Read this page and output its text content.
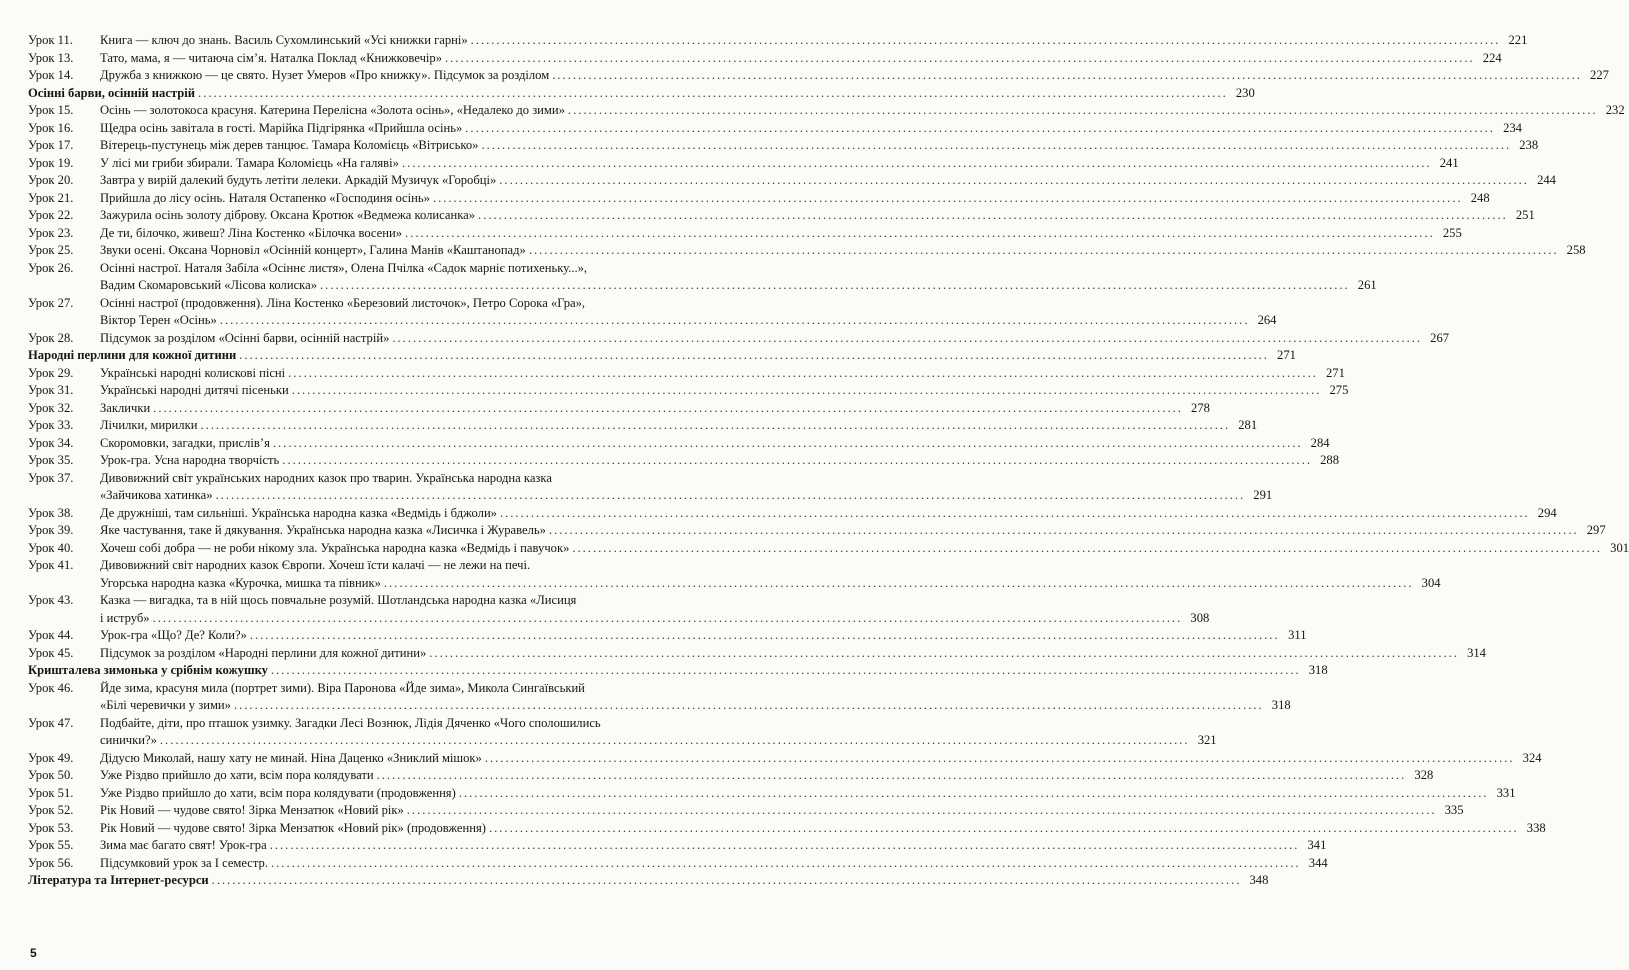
Урок 11.	Книга — ключ до знань. Василь Сухомлинський «Усі книжки гарні» ........................................................................................................................................................................................................ 221
Урок 13.	Тато, мама, я — читаюча сім’я. Наталка Поклад «Книжковечір» ........................................................................................................................................................................................................ 224
Урок 14.	Дружба з книжкою — це свято. Нузет Умеров «Про книжку». Підсумок за розділом ........................................................................................................................................................................................................ 227
Осінні барви, осінній настрій ........................................................................................................................................................................................................ 230
Урок 15.	Осінь — золотокоса красуня. Катерина Перелісна «Золота осінь», «Недалеко до зими» ........................................................................................................................................................................................................ 232
Урок 16.	Щедра осінь завітала в гості. Марійка Підгірянка «Прийшла осінь» ........................................................................................................................................................................................................ 234
Урок 17.	Вітерець-пустунець між дерев танцює. Тамара Коломієць «Вітрисько» ........................................................................................................................................................................................................ 238
Урок 19.	У лісі ми гриби збирали. Тамара Коломієць «На галяві» ........................................................................................................................................................................................................ 241
Урок 20.	Завтра у вирій далекий будуть летіти лелеки. Аркадій Музичук «Горобці» ........................................................................................................................................................................................................ 244
Урок 21.	Прийшла до лісу осінь. Наталя Остапенко «Господиня осінь» ........................................................................................................................................................................................................ 248
Урок 22.	Зажурила осінь золоту діброву. Оксана Кротюк «Ведмежа колисанка» ........................................................................................................................................................................................................ 251
Урок 23.	Де ти, білочко, живеш? Ліна Костенко «Білочка восени» ........................................................................................................................................................................................................ 255
Урок 25.	Звуки осені. Оксана Чорновіл «Осінній концерт», Галина Манів «Каштанопад» ........................................................................................................................................................................................................ 258
Урок 26.	Осінні настрої. Наталя Забіла «Осіннє листя», Олена Пчілка «Садок марніє потихеньку...»,
Вадим Скомаровський «Лісова колиска» ........................................................................................................................................................................................................ 261
Урок 27.	Осінні настрої (продовження). Ліна Костенко «Березовий листочок», Петро Сорока «Гра»,
Віктор Терен «Осінь» ........................................................................................................................................................................................................ 264
Урок 28.	Підсумок за розділом «Осінні барви, осінній настрій» ........................................................................................................................................................................................................ 267
Народні перлини для кожної дитини ........................................................................................................................................................................................................ 271
Урок 29.	Українські народні колискові пісні ........................................................................................................................................................................................................ 271
Урок 31.	Українські народні дитячі пісеньки ........................................................................................................................................................................................................ 275
Урок 32.	Заклички ........................................................................................................................................................................................................ 278
Урок 33.	Лічилки, мирилки ........................................................................................................................................................................................................ 281
Урок 34.	Скоромовки, загадки, прислів’я ........................................................................................................................................................................................................ 284
Урок 35.	Урок-гра. Усна народна творчість ........................................................................................................................................................................................................ 288
Урок 37.	Дивовижний світ українських народних казок про тварин. Українська народна казка
«Зайчикова хатинка» ........................................................................................................................................................................................................ 291
Урок 38.	Де дружніші, там сильніші. Українська народна казка «Ведмідь і бджоли» ........................................................................................................................................................................................................ 294
Урок 39.	Яке частування, таке й дякування. Українська народна казка «Лисичка і Журавель» ........................................................................................................................................................................................................ 297
Урок 40.	Хочеш собі добра — не роби нікому зла. Українська народна казка «Ведмідь і павучок» ........................................................................................................................................................................................................ 301
Урок 41.	Дивовижний світ народних казок Європи. Хочеш їсти калачі — не лежи на печі.
Угорська народна казка «Курочка, мишка та півник» ........................................................................................................................................................................................................ 304
Урок 43.	Казка — вигадка, та в ній щось повчальне розумій. Шотландська народна казка «Лисиця
і иструб» ........................................................................................................................................................................................................ 308
Урок 44.	Урок-гра «Що? Де? Коли?» ........................................................................................................................................................................................................ 311
Урок 45.	Підсумок за розділом «Народні перлини для кожної дитини» ........................................................................................................................................................................................................ 314
Кришталева зимонька у срібнім кожушку ........................................................................................................................................................................................................ 318
Урок 46.	Йде зима, красуня мила (портрет зими). Віра Паронова «Йде зима», Микола Сингаївський
«Білі черевички у зими» ........................................................................................................................................................................................................ 318
Урок 47.	Подбайте, діти, про пташок узимку. Загадки Лесі Вознюк, Лідія Дяченко «Чого сполошились
синички?» ........................................................................................................................................................................................................ 321
Урок 49.	Дідусю Миколай, нашу хату не минай. Ніна Даценко «Зниклий мішок» ........................................................................................................................................................................................................ 324
Урок 50.	Уже Різдво прийшло до хати, всім пора колядувати ........................................................................................................................................................................................................ 328
Урок 51.	Уже Різдво прийшло до хати, всім пора колядувати (продовження) ........................................................................................................................................................................................................ 331
Урок 52.	Рік Новий — чудове свято! Зірка Мензатюк «Новий рік» ........................................................................................................................................................................................................ 335
Урок 53.	Рік Новий — чудове свято! Зірка Мензатюк «Новий рік» (продовження) ........................................................................................................................................................................................................ 338
Урок 55.	Зима має багато свят! Урок-гра ........................................................................................................................................................................................................ 341
Урок 56.	Підсумковий урок за І семестр. ........................................................................................................................................................................................................ 344
Література та Інтернет-ресурси ........................................................................................................................................................................................................ 348
5
